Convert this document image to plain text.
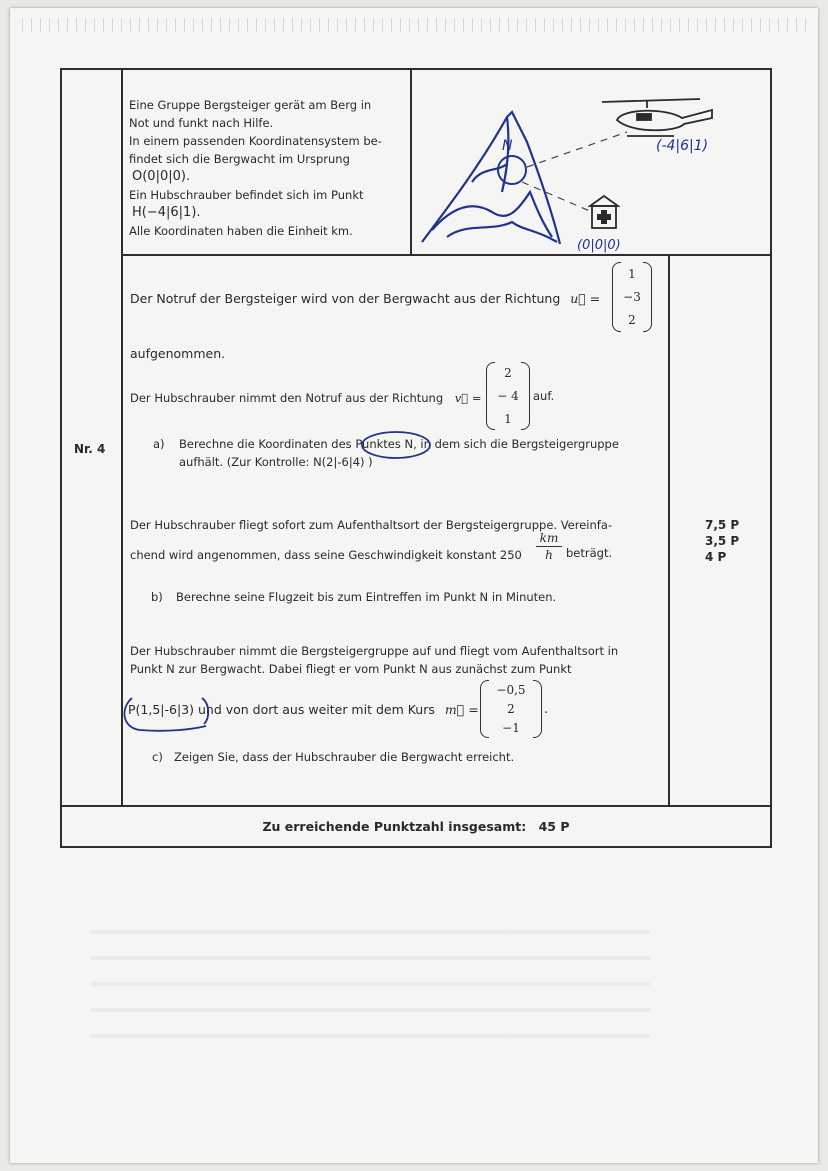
Eine Gruppe Bergsteiger gerät am Berg in
Not und funkt nach Hilfe.
In einem passenden Koordinatensystem be-
findet sich die Bergwacht im Ursprung
O(0|0|0).
Ein Hubschrauber befindet sich im Punkt
H(−4|6|1).
Alle Koordinaten haben die Einheit km.
N	(-4|6|1)
(0|0|0)
Nr. 4
Der Notruf der Bergsteiger wird von der Bergwacht aus der Richtung u⃗ =
1
−3
2
aufgenommen.
Der Hubschrauber nimmt den Notruf aus der Richtung v⃗ =
2
− 4
1
auf.
a) Berechne die Koordinaten des Punktes N, in dem sich die Bergsteigergruppe
aufhält. (Zur Kontrolle: N(2|-6|4) )
Der Hubschrauber fliegt sofort zum Aufenthaltsort der Bergsteigergruppe. Vereinfa-
chend wird angenommen, dass seine Geschwindigkeit konstant $250 \frac{km}{h}$ beträgt.
b) Berechne seine Flugzeit bis zum Eintreffen im Punkt N in Minuten.
Der Hubschrauber nimmt die Bergsteigergruppe auf und fliegt vom Aufenthaltsort in
Punkt N zur Bergwacht. Dabei fliegt er vom Punkt N aus zunächst zum Punkt
P(1,5|-6|3) und von dort aus weiter mit dem Kurs m⃗ =
−0,5
2
−1
.
c) Zeigen Sie, dass der Hubschrauber die Bergwacht erreicht.
7,5 P
3,5 P
4 P
Zu erreichende Punktzahl insgesamt: 45 P
